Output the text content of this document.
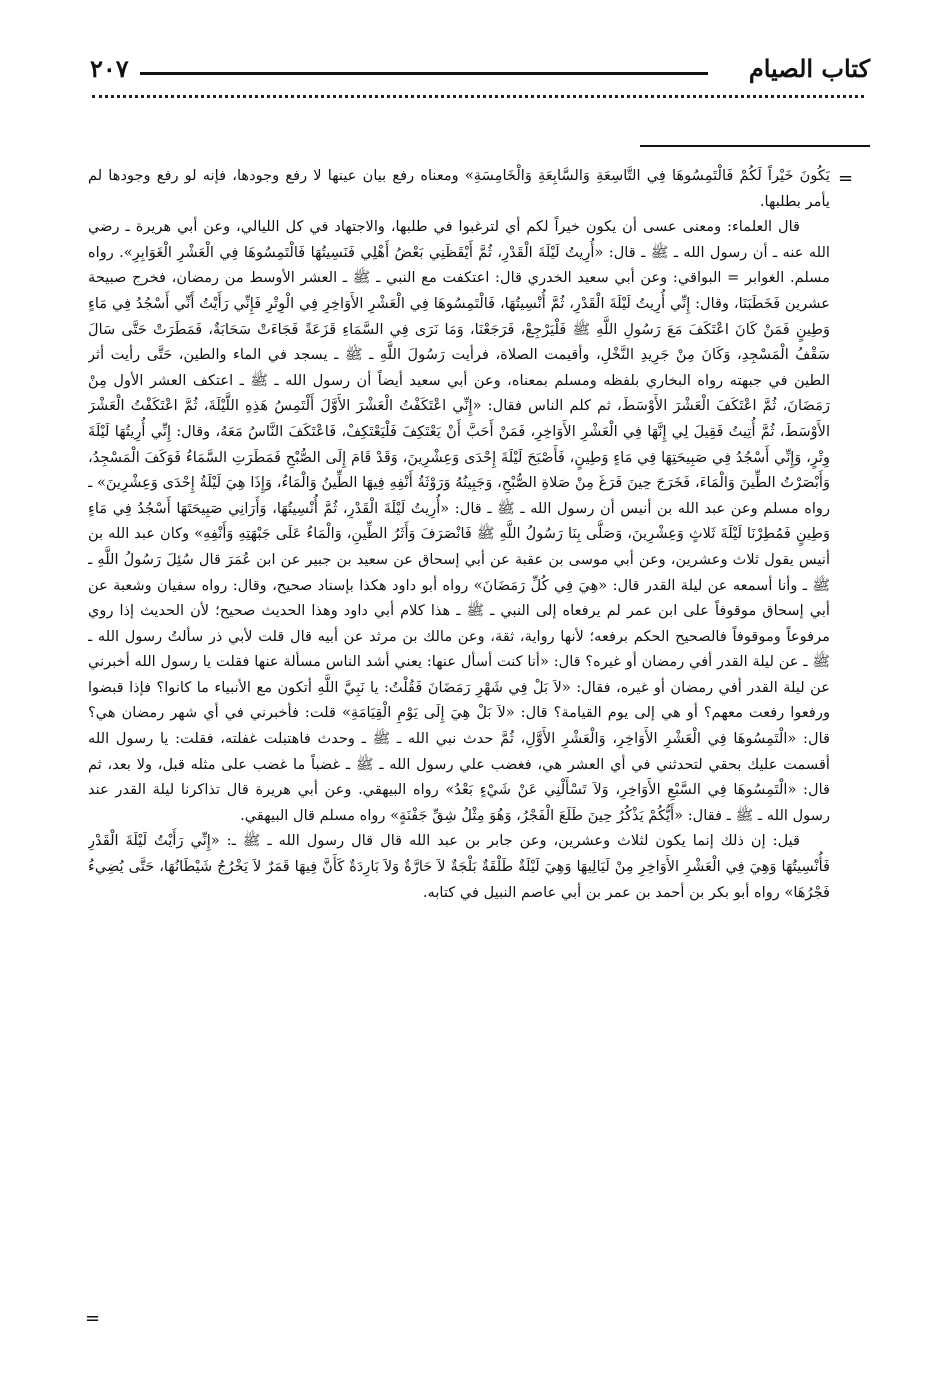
كتاب الصيام
٢٠٧
=

يَكُونَ خَيْراً لَكُمْ فَالْتَمِسُوهَا فِي التَّاسِعَةِ وَالسَّابِعَةِ وَالْخَامِسَةِ» ومعناه رفع بيان عينها لا رفع وجودها، فإنه لو رفع وجودها لم يأمر بطلبها.

قال العلماء: ومعنى عسى أن يكون خيراً لكم أي لترغبوا في طلبها، والاجتهاد في كل الليالي، وعن أبي هريرة ـ رضي الله عنه ـ أن رسول الله ـ ﷺ ـ قال: «أُرِيتُ لَيْلَةَ الْقَدْرِ، ثُمَّ أَيْقَظَنِي بَعْضُ أَهْلِي فَنَسِيتُهَا فَالْتَمِسُوهَا فِي الْعَشْرِ الْغَوَابِرِ». رواه مسلم. الغوابر = البواقي: وعن أبي سعيد الخدري قال: اعتكفت مع النبي ـ ﷺ ـ العشر الأوسط من رمضان، فخرج صبيحة عشرين فَخَطَبَنَا، وقال: إِنِّي أُرِيتُ لَيْلَةَ الْقَدْرِ، ثُمَّ أُنْسِيتُهَا، فَالْتَمِسُوهَا فِي الْعَشْرِ الأَوَاخِرِ فِي الْوِتْرِ فَإِنِّي رَأَيْتُ أَنِّي أَسْجُدُ فِي مَاءٍ وَطِينٍ فَمَنْ كَانَ اعْتَكَفَ مَعَ رَسُولِ اللَّهِ ﷺ فَلْيَرْجِعْ، فَرَجَعْنَا، وَمَا نَرَى فِي السَّمَاءِ قَزَعَةً فَجَاءَتْ سَحَابَةٌ، فَمَطَرَتْ حَتَّى سَالَ سَقْفُ الْمَسْجِدِ، وَكَانَ مِنْ جَرِيدِ النَّخْلِ، وأقيمت الصلاة، فرأيت رَسُولَ اللَّهِ ـ ﷺ ـ يسجد في الماء والطين، حَتَّى رأيت أثر الطين في جبهته رواه البخاري بلفظه ومسلم بمعناه، وعن أبي سعيد أيضاً أن رسول الله ـ ﷺ ـ اعتكف العشر الأول مِنْ رَمَضَانَ، ثُمَّ اعْتَكَفَ الْعَشْرَ الأَوْسَطَ، ثم كلم الناس فقال: «إِنِّي اعْتَكَفْتُ الْعَشْرَ الأَوَّلَ أَلْتَمِسُ هَذِهِ اللَّيْلَةَ، ثُمَّ اعْتَكَفْتُ الْعَشْرَ الأَوْسَطَ، ثُمَّ أُتِيتُ فَقِيلَ لِي إِنَّهَا فِي الْعَشْرِ الأَوَاخِرِ، فَمَنْ أَحَبَّ أَنْ يَعْتَكِفَ فَلْيَعْتَكِفْ، فَاعْتَكَفَ النَّاسُ مَعَهُ، وقال: إِنِّي أُرِيتُهَا لَيْلَةَ وِتْرٍ، وَإِنِّي أَسْجُدُ فِي صَبِيحَتِهَا فِي مَاءٍ وَطِينٍ، فَأَصْبَحَ لَيْلَةَ إِحْدَى وَعِشْرِينَ، وَقَدْ قَامَ إِلَى الصُّبْحِ فَمَطَرَتِ السَّمَاءُ فَوَكَفَ الْمَسْجِدُ، وَأَبْصَرْتُ الطِّينَ وَالْمَاءَ، فَخَرَجَ حِينَ فَرَغَ مِنْ صَلاةِ الصُّبْحِ، وَجَبِينُهُ وَرَوْثَةُ أَنْفِهِ فِيهَا الطِّينُ وَالْمَاءُ، وَإِذَا هِيَ لَيْلَةُ إِحْدَى وَعِشْرِينَ» ـ رواه مسلم وعن عبد الله بن أنيس أن رسول الله ـ ﷺ ـ قال: «أُرِيتُ لَيْلَةَ الْقَدْرِ، ثُمَّ أُنْسِيتُهَا، وَأَرَانِي صَبِيحَتَهَا أَسْجُدُ فِي مَاءٍ وَطِينٍ فَمُطِرْنَا لَيْلَةَ ثَلاثٍ وَعِشْرِينَ، وَصَلَّى بِنَا رَسُولُ اللَّهِ ﷺ فَانْصَرَفَ وَأَثَرُ الطِّينِ، وَالْمَاءُ عَلَى جَبْهَتِهِ وَأَنْفِهِ» وكان عبد الله بن أنيس يقول ثلاث وعشرين، وعن أبي موسى بن عقبة عن أبي إسحاق عن سعيد بن جبير عن ابن عُمَرَ قال سُئِلَ رَسُولُ اللَّهِ ـ ﷺ ـ وأنا أسمعه عن ليلة القدر قال: «هِيَ فِي كُلِّ رَمَضَانَ» رواه أبو داود هكذا بإسناد صحيح، وقال: رواه سفيان وشعبة عن أبي إسحاق موقوفاً على ابن عمر لم يرفعاه إلى النبي ـ ﷺ ـ هذا كلام أبي داود وهذا الحديث صحيح؛ لأن الحديث إذا روي مرفوعاً وموقوفاً فالصحيح الحكم برفعه؛ لأنها رواية، ثقة، وعن مالك بن مرثد عن أبيه قال قلت لأبي ذر سألتُ رسول الله ـ ﷺ ـ عن ليلة القدر أفي رمضان أو غيره؟ قال: «أنا كنت أسأل عنها: يعني أشد الناس مسألة عنها فقلت يا رسول الله أخبرني عن ليلة القدر أفي رمضان أو غيره، فقال: «لاَ بَلْ فِي شَهْرِ رَمَضَانَ فَقُلْتُ: يا نَبِيَّ اللَّهِ أتكون مع الأنبياء ما كانوا؟ فإذا قبضوا ورفعوا رفعت معهم؟ أو هي إلى يوم القيامة؟ قال: «لاَ بَلْ هِيَ إِلَى يَوْمِ الْقِيَامَةِ» قلت: فأخبرني في أي شهر رمضان هي؟ قال: «الْتَمِسُوهَا فِي الْعَشْرِ الأَوَاخِرِ، وَالْعَشْرِ الأَوَّلِ، ثُمَّ حدث نبي الله ـ ﷺ ـ وحدث فاهتبلت غفلته، فقلت: يا رسول الله أقسمت عليك بحقي لتحدثني في أي العشر هي، فغضب علي رسول الله ـ ﷺ ـ غضباً ما غضب على مثله قبل، ولا بعد، ثم قال: «الْتَمِسُوهَا فِي السَّبْعِ الأَوَاخِرِ، وَلاَ تَسْأَلْنِي عَنْ شَيْءٍ بَعْدُ» رواه البيهقي. وعن أبي هريرة قال تذاكرنا ليلة القدر عند رسول الله ـ ﷺ ـ فقال: «أَيُّكُمْ يَذْكُرُ حِينَ طَلَعَ الْفَجْرُ، وَهُوَ مِثْلُ شِقِّ جَفْنَةٍ» رواه مسلم قال البيهقي.

قيل: إن ذلك إنما يكون لثلاث وعشرين، وعن جابر بن عبد الله قال قال رسول الله ـ ﷺ ـ: «إِنِّي رَأَيْتُ لَيْلَةَ الْقَدْرِ فَأُنْسِيتُهَا وَهِيَ فِي الْعَشْرِ الأَوَاخِرِ مِنْ لَيَالِيهَا وَهِيَ لَيْلَةٌ طَلْقَةٌ بَلْجَةٌ لاَ حَارَّةٌ وَلاَ بَارِدَةٌ كَأَنَّ فِيهَا قَمَرٌ لاَ يَخْرُجُ شَيْطَانُهَا، حَتَّى يُضِيءُ فَجْرُهَا» رواه أبو بكر بن أحمد بن عمر بن أبي عاصم النبيل في كتابه.

=
